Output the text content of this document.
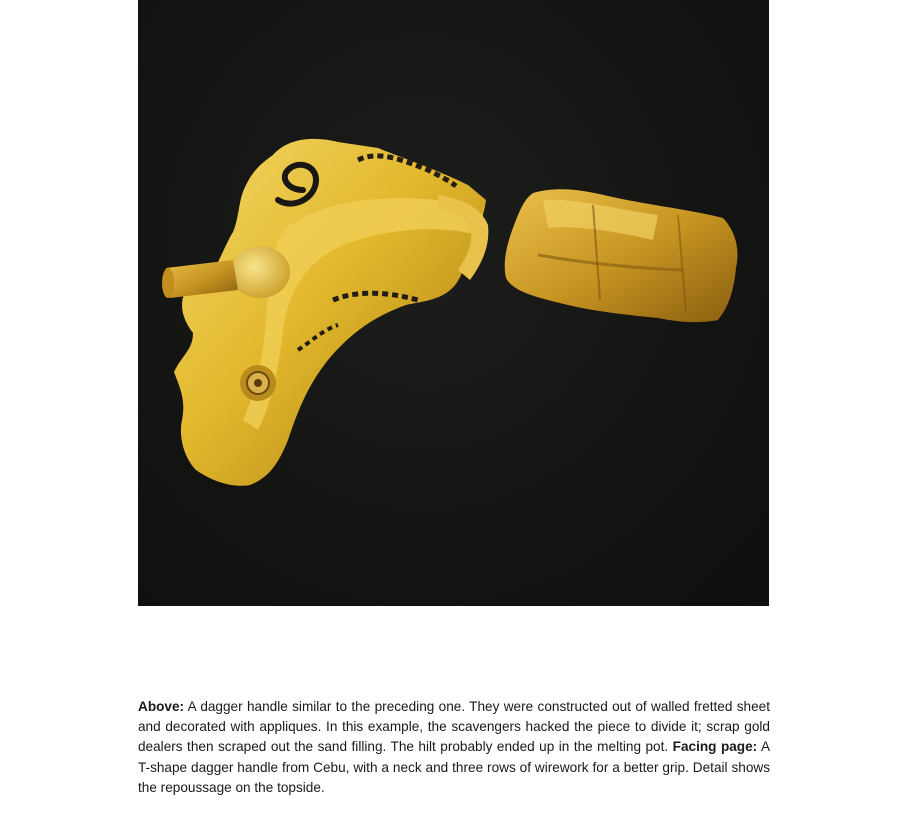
Above: A dagger handle similar to the preceding one. They were constructed out of walled fretted sheet and decorated with appliques. In this example, the scavengers hacked the piece to divide it; scrap gold dealers then scraped out the sand filling. The hilt probably ended up in the melting pot. Facing page: A T-shape dagger handle from Cebu, with a neck and three rows of wirework for a better grip. Detail shows the repoussage on the topside.
